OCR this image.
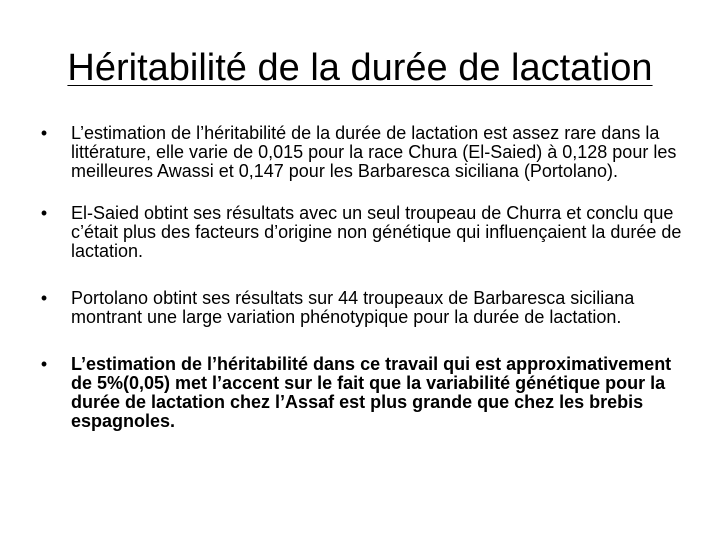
Héritabilité de la durée de lactation
• L’estimation de l’héritabilité de la durée de lactation est assez rare dans la littérature, elle varie de 0,015 pour la race Chura (El-Saied) à 0,128 pour les meilleures Awassi et 0,147 pour les Barbaresca siciliana (Portolano).
• El-Saied obtint ses résultats avec un seul troupeau de Churra et conclu que c’était plus des facteurs d’origine non génétique qui influençaient la durée de lactation.
• Portolano obtint ses résultats sur 44 troupeaux de Barbaresca siciliana montrant une large variation phénotypique pour la durée de lactation.
• L’estimation de l’héritabilité dans ce travail qui est approximativement de 5%(0,05) met l’accent sur le fait que la variabilité génétique pour la durée de lactation chez l’Assaf est plus grande que chez les brebis espagnoles.
